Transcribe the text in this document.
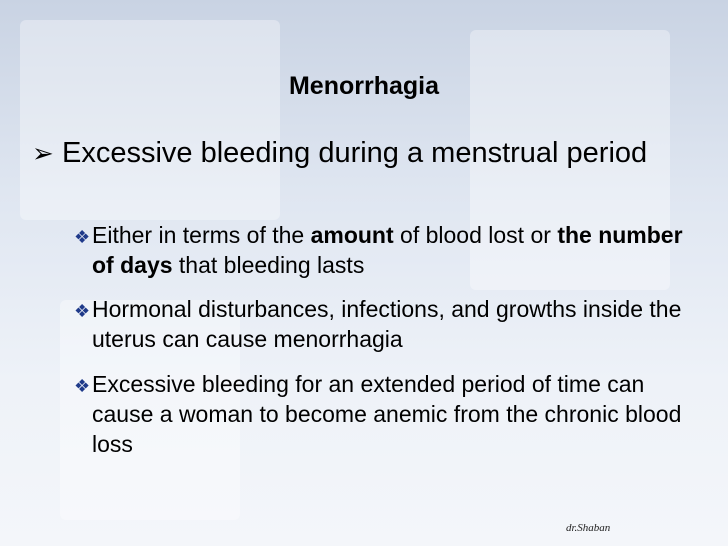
Menorrhagia
➢ Excessive bleeding during a menstrual period
❖ Either in terms of the amount of blood lost or the number of days that bleeding lasts
❖ Hormonal disturbances, infections, and growths inside the uterus can cause menorrhagia
❖ Excessive bleeding for an extended period of time can cause a woman to become anemic from the chronic blood loss
dr.Shaban
